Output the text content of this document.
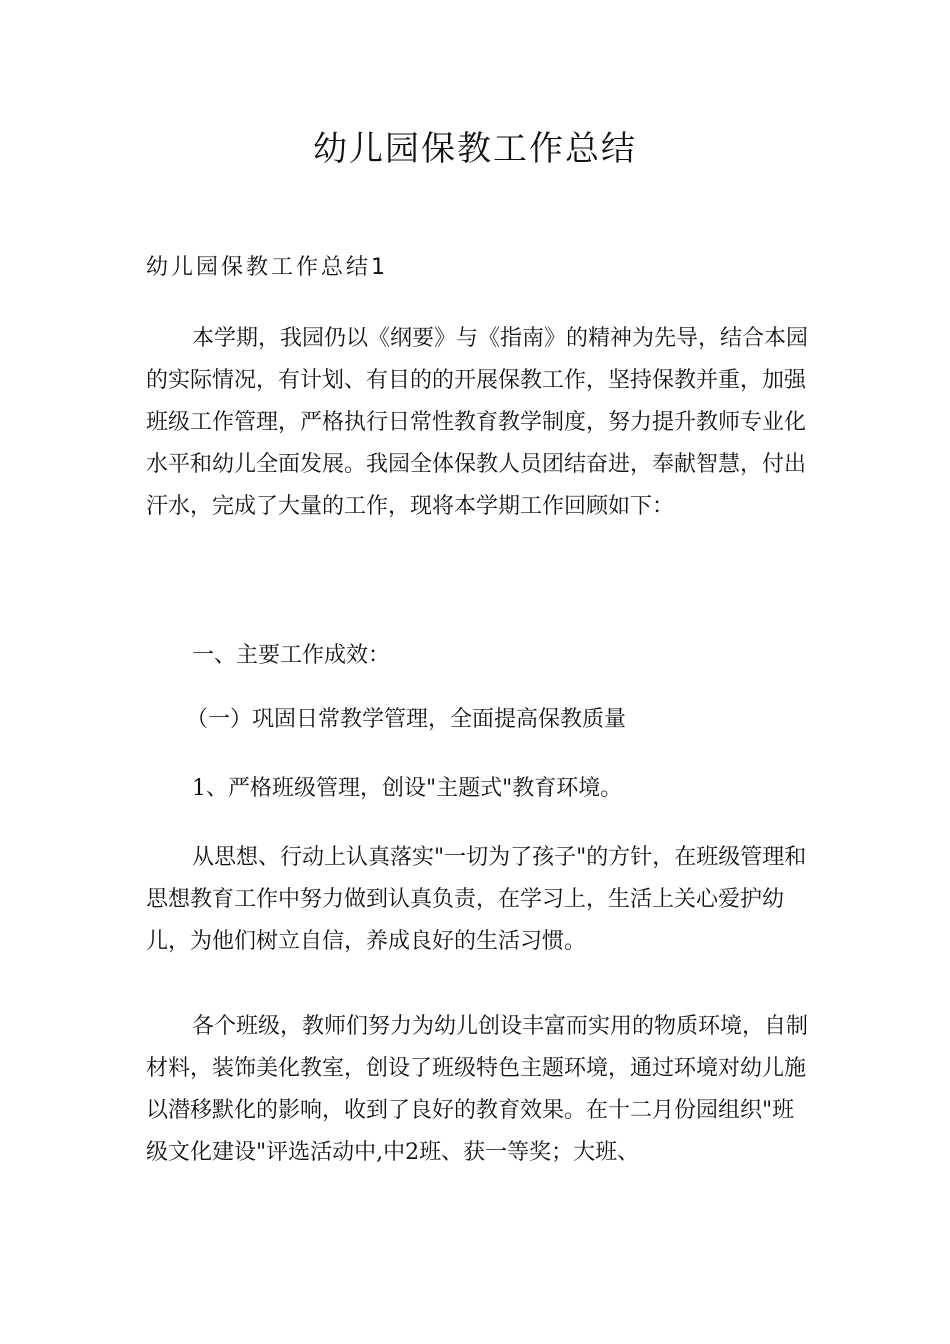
幼儿园保教工作总结
幼儿园保教工作总结1

本学期，我园仍以《纲要》与《指南》的精神为先导，结合本园的实际情况，有计划、有目的的开展保教工作，坚持保教并重，加强班级工作管理，严格执行日常性教育教学制度，努力提升教师专业化水平和幼儿全面发展。我园全体保教人员团结奋进，奉献智慧，付出汗水，完成了大量的工作，现将本学期工作回顾如下：

一、主要工作成效：

（一）巩固日常教学管理，全面提高保教质量

1、严格班级管理，创设"主题式"教育环境。

从思想、行动上认真落实"一切为了孩子"的方针，在班级管理和思想教育工作中努力做到认真负责，在学习上，生活上关心爱护幼儿，为他们树立自信，养成良好的生活习惯。

各个班级，教师们努力为幼儿创设丰富而实用的物质环境，自制材料，装饰美化教室，创设了班级特色主题环境，通过环境对幼儿施以潜移默化的影响，收到了良好的教育效果。在十二月份园组织"班级文化建设"评选活动中,中2班、获一等奖；大班、
